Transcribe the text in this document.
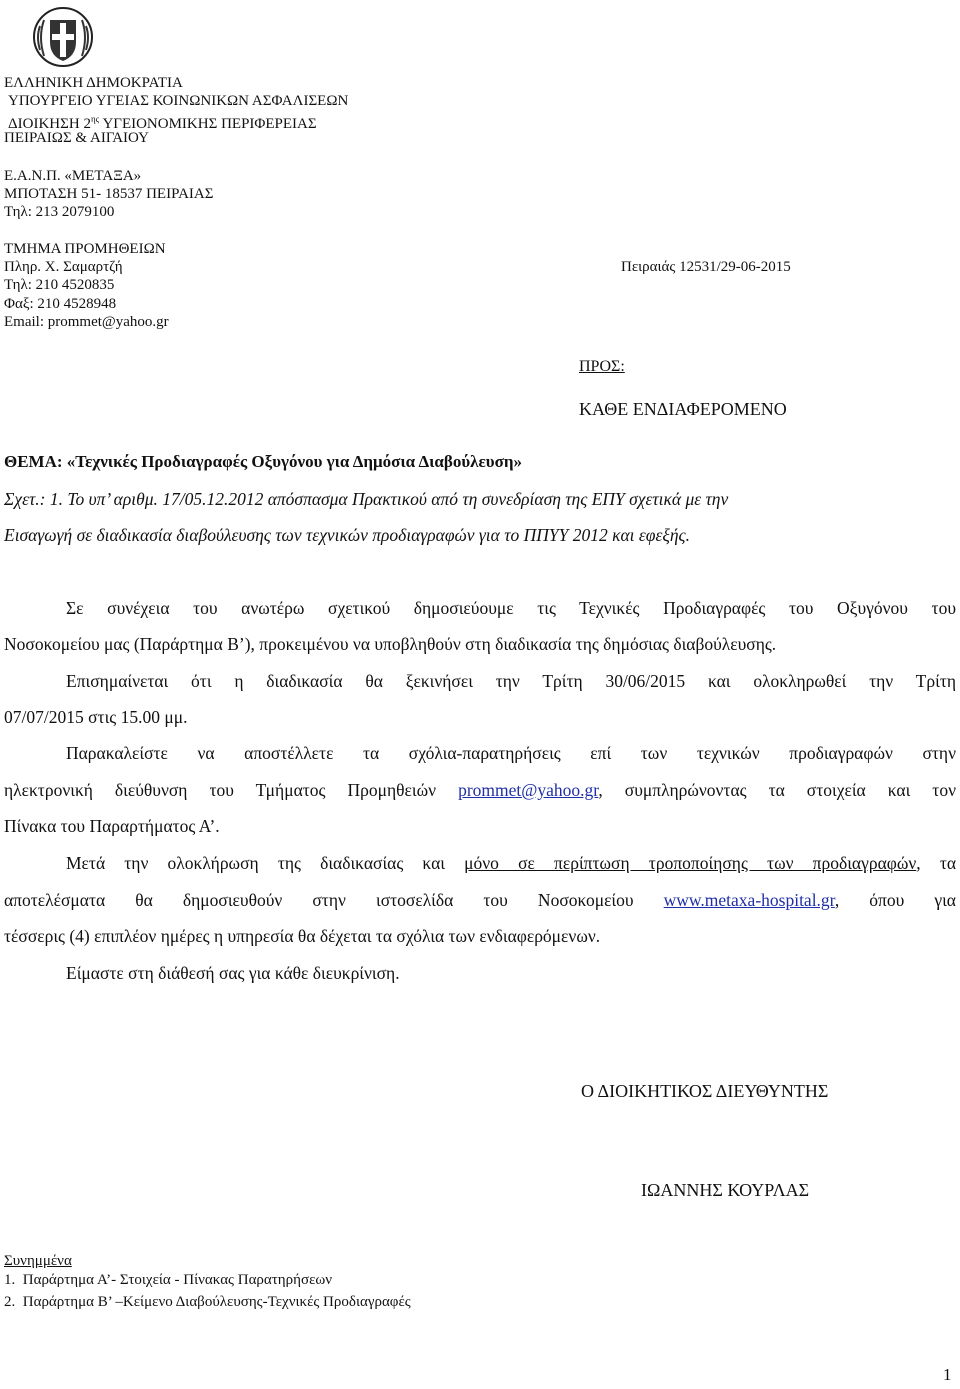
ΕΛΛΗΝΙΚΗ ΔΗΜΟΚΡΑΤΙΑ
ΥΠΟΥΡΓΕΙΟ ΥΓΕΙΑΣ ΚΟΙΝΩΝΙΚΩΝ ΑΣΦΑΛΙΣΕΩΝ
ΔΙΟΙΚΗΣΗ $2^{\eta\varsigma}$ ΥΓΕΙΟΝΟΜΙΚΗΣ ΠΕΡΙΦΕΡΕΙΑΣ
ΠΕΙΡΑΙΩΣ & ΑΙΓΑΙΟΥ
Ε.Α.Ν.Π. «ΜΕΤΑΞΑ»
ΜΠΟΤΑΣΗ 51- 18537 ΠΕΙΡΑΙΑΣ
Τηλ: 213 2079100
ΤΜΗΜΑ ΠΡΟΜΗΘΕΙΩΝ
Πληρ. Χ. Σαμαρτζή
Τηλ: 210 4520835
Φαξ: 210 4528948
Email: prommet@yahoo.gr
Πειραιάς 12531/29-06-2015
ΠΡΟΣ:
ΚΑΘΕ ΕΝΔΙΑΦΕΡΟΜΕΝΟ
ΘΕΜΑ: «Τεχνικές Προδιαγραφές Οξυγόνου για Δημόσια Διαβούλευση»
Σχετ.: 1. Το υπ’ αριθμ. 17/05.12.2012 απόσπασμα Πρακτικού από τη συνεδρίαση της ΕΠΥ σχετικά με την
Εισαγωγή σε διαδικασία διαβούλευσης των τεχνικών προδιαγραφών για το ΠΠΥΥ 2012 και εφεξής.
Σε συνέχεια του ανωτέρω σχετικού δημοσιεύουμε τις Τεχνικές Προδιαγραφές του Οξυγόνου του
Νοσοκομείου μας (Παράρτημα Β’), προκειμένου να υποβληθούν στη διαδικασία της δημόσιας διαβούλευσης.
Επισημαίνεται ότι η διαδικασία θα ξεκινήσει την Τρίτη 30/06/2015 και ολοκληρωθεί την Τρίτη
07/07/2015 στις 15.00 μμ.
Παρακαλείστε να αποστέλλετε τα σχόλια-παρατηρήσεις επί των τεχνικών προδιαγραφών στην
ηλεκτρονική διεύθυνση του Τμήματος Προμηθειών prommet@yahoo.gr, συμπληρώνοντας τα στοιχεία και τον
Πίνακα του Παραρτήματος Α’.
Μετά την ολοκλήρωση της διαδικασίας και μόνο σε περίπτωση τροποποίησης των προδιαγραφών, τα
αποτελέσματα θα δημοσιευθούν στην ιστοσελίδα του Νοσοκομείου www.metaxa-hospital.gr, όπου για
τέσσερις (4) επιπλέον ημέρες η υπηρεσία θα δέχεται τα σχόλια των ενδιαφερόμενων.
Είμαστε στη διάθεσή σας για κάθε διευκρίνιση.
Ο ΔΙΟΙΚΗΤΙΚΟΣ ΔΙΕΥΘΥΝΤΗΣ
ΙΩΑΝΝΗΣ ΚΟΥΡΛΑΣ
Συνημμένα
1.  Παράρτημα Α’- Στοιχεία - Πίνακας Παρατηρήσεων
2.  Παράρτημα Β’ –Κείμενο Διαβούλευσης-Τεχνικές Προδιαγραφές
1
